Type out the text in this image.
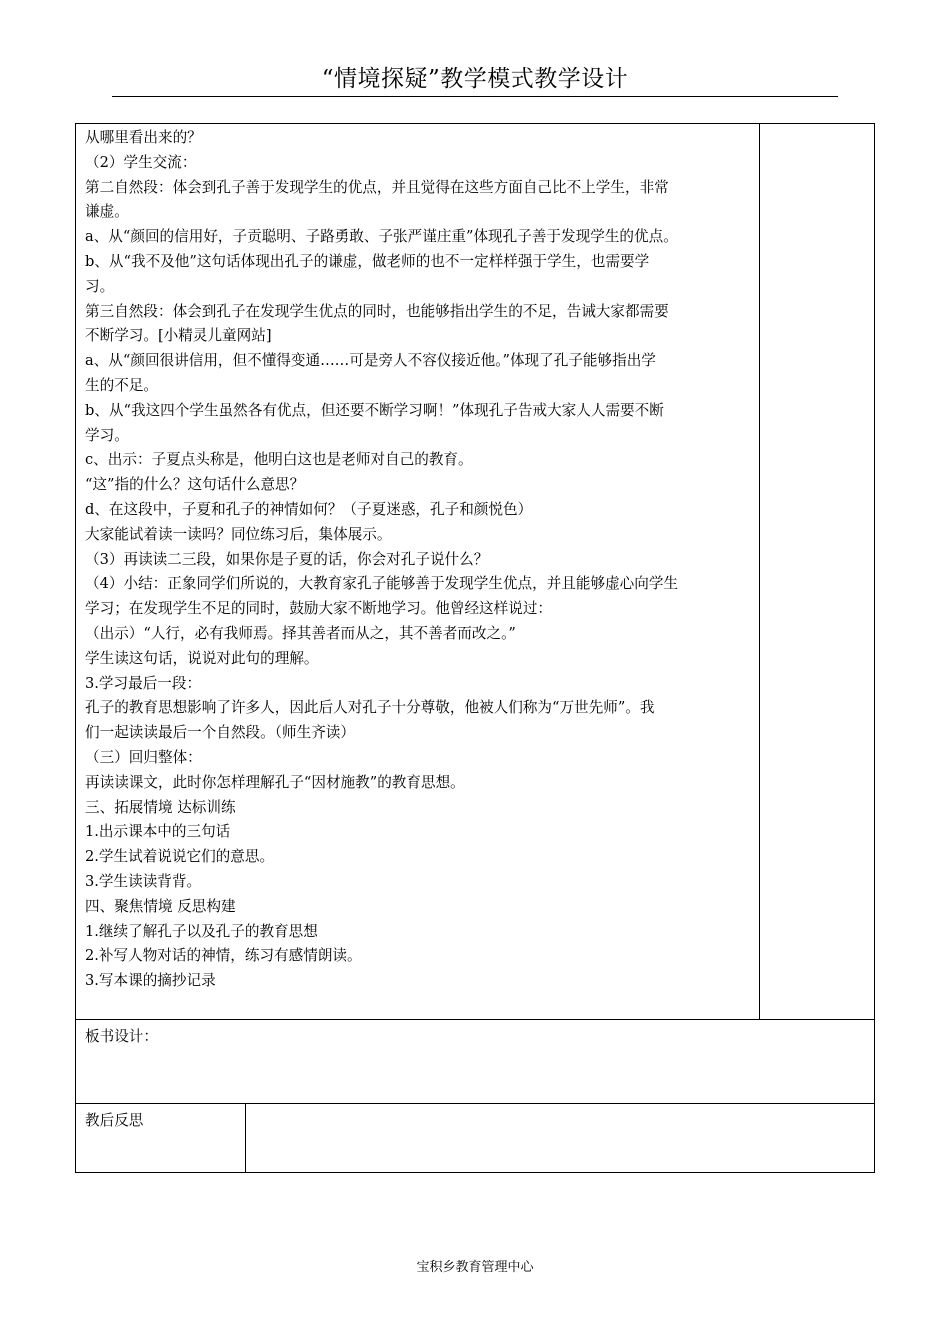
“情境探疑”教学模式教学设计
从哪里看出来的？
（2）学生交流：
第二自然段：体会到孔子善于发现学生的优点，并且觉得在这些方面自己比不上学生，非常
谦虚。
a、从“颜回的信用好，子贡聪明、子路勇敢、子张严谨庄重”体现孔子善于发现学生的优点。
b、从“我不及他”这句话体现出孔子的谦虚，做老师的也不一定样样强于学生，也需要学
习。
第三自然段：体会到孔子在发现学生优点的同时，也能够指出学生的不足，告诫大家都需要
不断学习。[小精灵儿童网站]
a、从“颜回很讲信用，但不懂得变通……可是旁人不容仪接近他。”体现了孔子能够指出学
生的不足。
b、从“我这四个学生虽然各有优点，但还要不断学习啊！”体现孔子告戒大家人人需要不断
学习。
c、出示：子夏点头称是，他明白这也是老师对自己的教育。
“这”指的什么？这句话什么意思？
d、在这段中，子夏和孔子的神情如何？（子夏迷惑，孔子和颜悦色）
大家能试着读一读吗？同位练习后，集体展示。
（3）再读读二三段，如果你是子夏的话，你会对孔子说什么？
（4）小结：正象同学们所说的，大教育家孔子能够善于发现学生优点，并且能够虚心向学生
学习；在发现学生不足的同时，鼓励大家不断地学习。他曾经这样说过：
（出示）“人行，必有我师焉。择其善者而从之，其不善者而改之。”
学生读这句话，说说对此句的理解。
3.学习最后一段：
孔子的教育思想影响了许多人，因此后人对孔子十分尊敬，他被人们称为“万世先师”。我
们一起读读最后一个自然段。（师生齐读）
（三）回归整体：
再读读课文，此时你怎样理解孔子“因材施教”的教育思想。
三、拓展情境 达标训练
1.出示课本中的三句话
2.学生试着说说它们的意思。
3.学生读读背背。
四、聚焦情境 反思构建
1.继续了解孔子以及孔子的教育思想
2.补写人物对话的神情，练习有感情朗读。
3.写本课的摘抄记录
板书设计：
教后反思
宝积乡教育管理中心
